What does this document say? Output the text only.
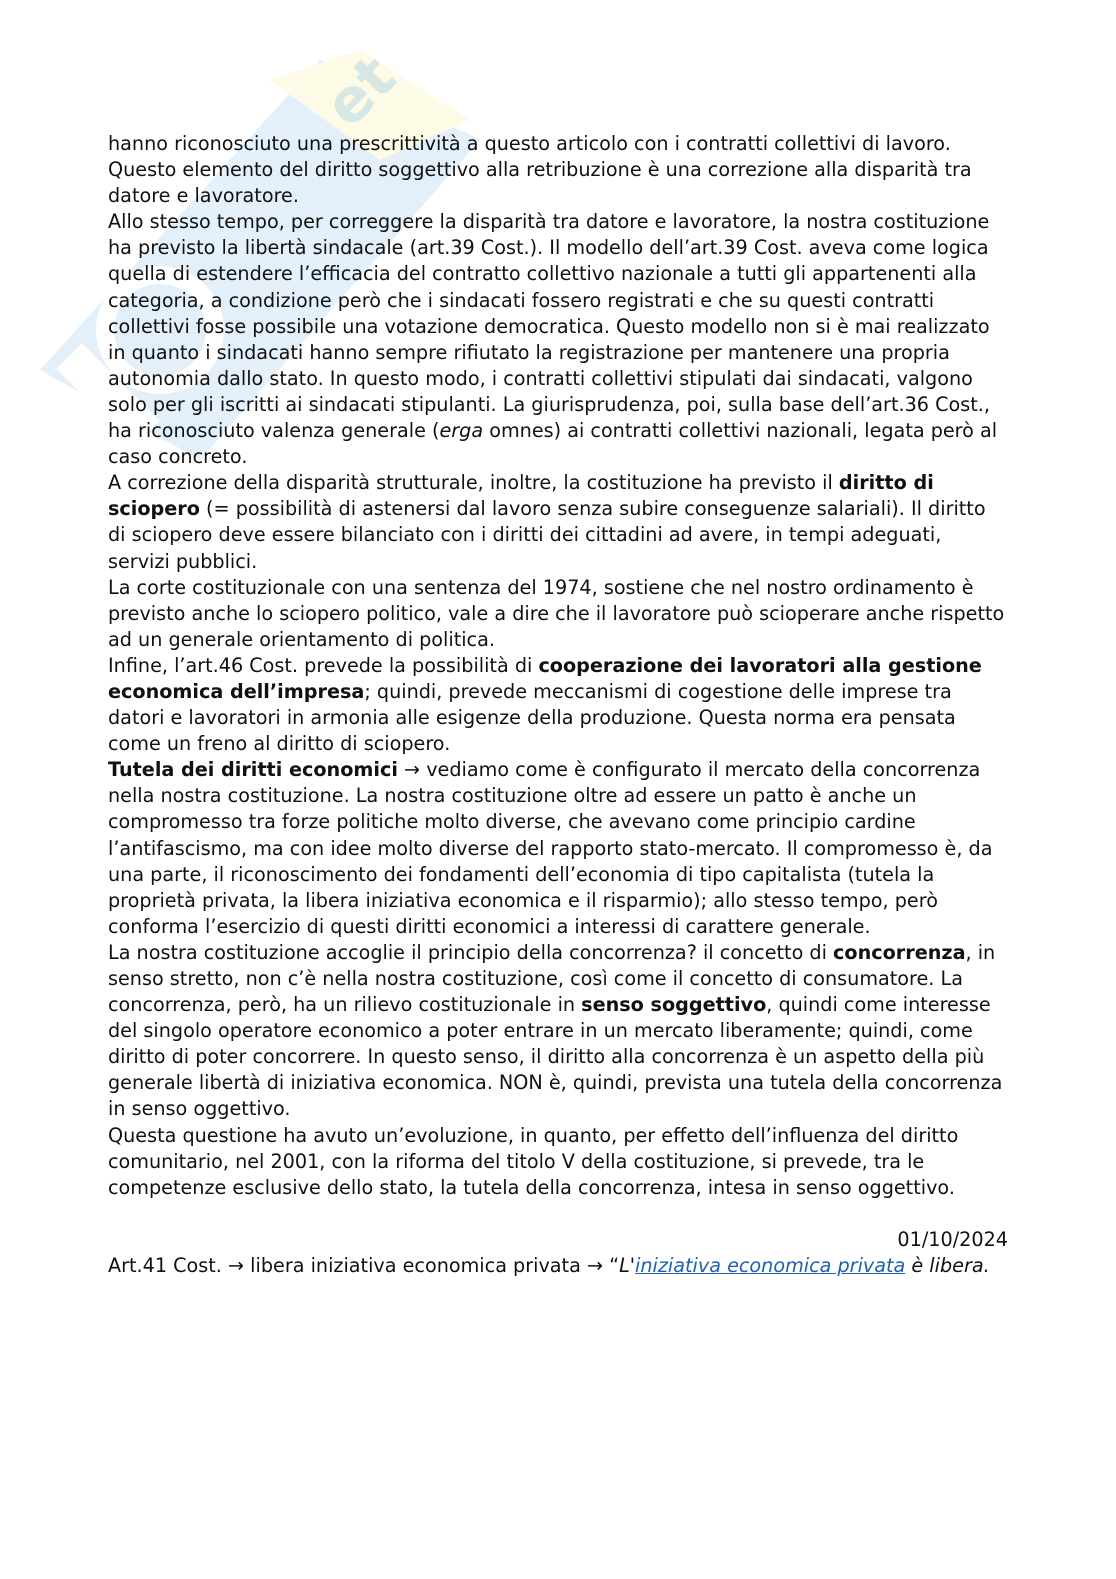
et

hanno riconosciuto una prescrittività a questo articolo con i contratti collettivi di lavoro. Questo elemento del diritto soggettivo alla retribuzione è una correzione alla disparità tra datore e lavoratore.

Allo stesso tempo, per correggere la disparità tra datore e lavoratore, la nostra costituzione ha previsto la libertà sindacale (art.39 Cost.). Il modello dell’art.39 Cost. aveva come logica quella di estendere l’efficacia del contratto collettivo nazionale a tutti gli appartenenti alla categoria, a condizione però che i sindacati fossero registrati e che su questi contratti collettivi fosse possibile una votazione democratica. Questo modello non si è mai realizzato in quanto i sindacati hanno sempre rifiutato la registrazione per mantenere una propria autonomia dallo stato. In questo modo, i contratti collettivi stipulati dai sindacati, valgono solo per gli iscritti ai sindacati stipulanti. La giurisprudenza, poi, sulla base dell’art.36 Cost., ha riconosciuto valenza generale (erga omnes) ai contratti collettivi nazionali, legata però al caso concreto.

A correzione della disparità strutturale, inoltre, la costituzione ha previsto il diritto di sciopero (= possibilità di astenersi dal lavoro senza subire conseguenze salariali). Il diritto di sciopero deve essere bilanciato con i diritti dei cittadini ad avere, in tempi adeguati, servizi pubblici.

La corte costituzionale con una sentenza del 1974, sostiene che nel nostro ordinamento è previsto anche lo sciopero politico, vale a dire che il lavoratore può scioperare anche rispetto ad un generale orientamento di politica.

Infine, l’art.46 Cost. prevede la possibilità di cooperazione dei lavoratori alla gestione economica dell’impresa; quindi, prevede meccanismi di cogestione delle imprese tra datori e lavoratori in armonia alle esigenze della produzione. Questa norma era pensata come un freno al diritto di sciopero.

Tutela dei diritti economici → vediamo come è configurato il mercato della concorrenza nella nostra costituzione. La nostra costituzione oltre ad essere un patto è anche un compromesso tra forze politiche molto diverse, che avevano come principio cardine l’antifascismo, ma con idee molto diverse del rapporto stato-mercato. Il compromesso è, da una parte, il riconoscimento dei fondamenti dell’economia di tipo capitalista (tutela la proprietà privata, la libera iniziativa economica e il risparmio); allo stesso tempo, però conforma l’esercizio di questi diritti economici a interessi di carattere generale.

La nostra costituzione accoglie il principio della concorrenza? il concetto di concorrenza, in senso stretto, non c’è nella nostra costituzione, così come il concetto di consumatore. La concorrenza, però, ha un rilievo costituzionale in senso soggettivo, quindi come interesse del singolo operatore economico a poter entrare in un mercato liberamente; quindi, come diritto di poter concorrere. In questo senso, il diritto alla concorrenza è un aspetto della più generale libertà di iniziativa economica. NON è, quindi, prevista una tutela della concorrenza in senso oggettivo.

Questa questione ha avuto un’evoluzione, in quanto, per effetto dell’influenza del diritto comunitario, nel 2001, con la riforma del titolo V della costituzione, si prevede, tra le competenze esclusive dello stato, la tutela della concorrenza, intesa in senso oggettivo.

01/10/2024

Art.41 Cost. → libera iniziativa economica privata → “L'iniziativa economica privata è libera.
